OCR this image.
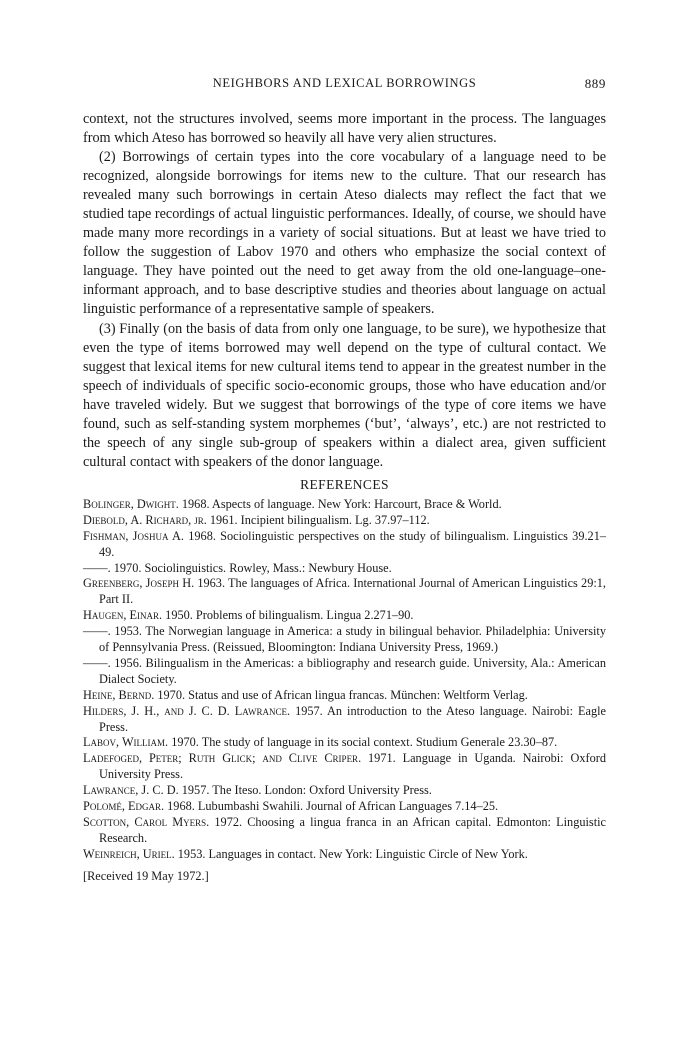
NEIGHBORS AND LEXICAL BORROWINGS	889

context, not the structures involved, seems more important in the process. The languages from which Ateso has borrowed so heavily all have very alien structures.

(2) Borrowings of certain types into the core vocabulary of a language need to be recognized, alongside borrowings for items new to the culture. That our research has revealed many such borrowings in certain Ateso dialects may reflect the fact that we studied tape recordings of actual linguistic performances. Ideally, of course, we should have made many more recordings in a variety of social situations. But at least we have tried to follow the suggestion of Labov 1970 and others who emphasize the social context of language. They have pointed out the need to get away from the old one-language–one-informant approach, and to base descriptive studies and theories about language on actual linguistic performance of a representative sample of speakers.

(3) Finally (on the basis of data from only one language, to be sure), we hypothesize that even the type of items borrowed may well depend on the type of cultural contact. We suggest that lexical items for new cultural items tend to appear in the greatest number in the speech of individuals of specific socio-economic groups, those who have education and/or have traveled widely. But we suggest that borrowings of the type of core items we have found, such as self-standing system morphemes (‘but’, ‘always’, etc.) are not restricted to the speech of any single sub-group of speakers within a dialect area, given sufficient cultural contact with speakers of the donor language.

REFERENCES
Bolinger, Dwight. 1968. Aspects of language. New York: Harcourt, Brace & World.
Diebold, A. Richard, jr. 1961. Incipient bilingualism. Lg. 37.97–112.
Fishman, Joshua A. 1968. Sociolinguistic perspectives on the study of bilingualism. Linguistics 39.21–49.
——. 1970. Sociolinguistics. Rowley, Mass.: Newbury House.
Greenberg, Joseph H. 1963. The languages of Africa. International Journal of American Linguistics 29:1, Part II.
Haugen, Einar. 1950. Problems of bilingualism. Lingua 2.271–90.
——. 1953. The Norwegian language in America: a study in bilingual behavior. Philadelphia: University of Pennsylvania Press. (Reissued, Bloomington: Indiana University Press, 1969.)
——. 1956. Bilingualism in the Americas: a bibliography and research guide. University, Ala.: American Dialect Society.
Heine, Bernd. 1970. Status and use of African lingua francas. München: Weltform Verlag.
Hilders, J. H., and J. C. D. Lawrance. 1957. An introduction to the Ateso language. Nairobi: Eagle Press.
Labov, William. 1970. The study of language in its social context. Studium Generale 23.30–87.
Ladefoged, Peter; Ruth Glick; and Clive Criper. 1971. Language in Uganda. Nairobi: Oxford University Press.
Lawrance, J. C. D. 1957. The Iteso. London: Oxford University Press.
Polomé, Edgar. 1968. Lubumbashi Swahili. Journal of African Languages 7.14–25.
Scotton, Carol Myers. 1972. Choosing a lingua franca in an African capital. Edmonton: Linguistic Research.
Weinreich, Uriel. 1953. Languages in contact. New York: Linguistic Circle of New York.
[Received 19 May 1972.]
